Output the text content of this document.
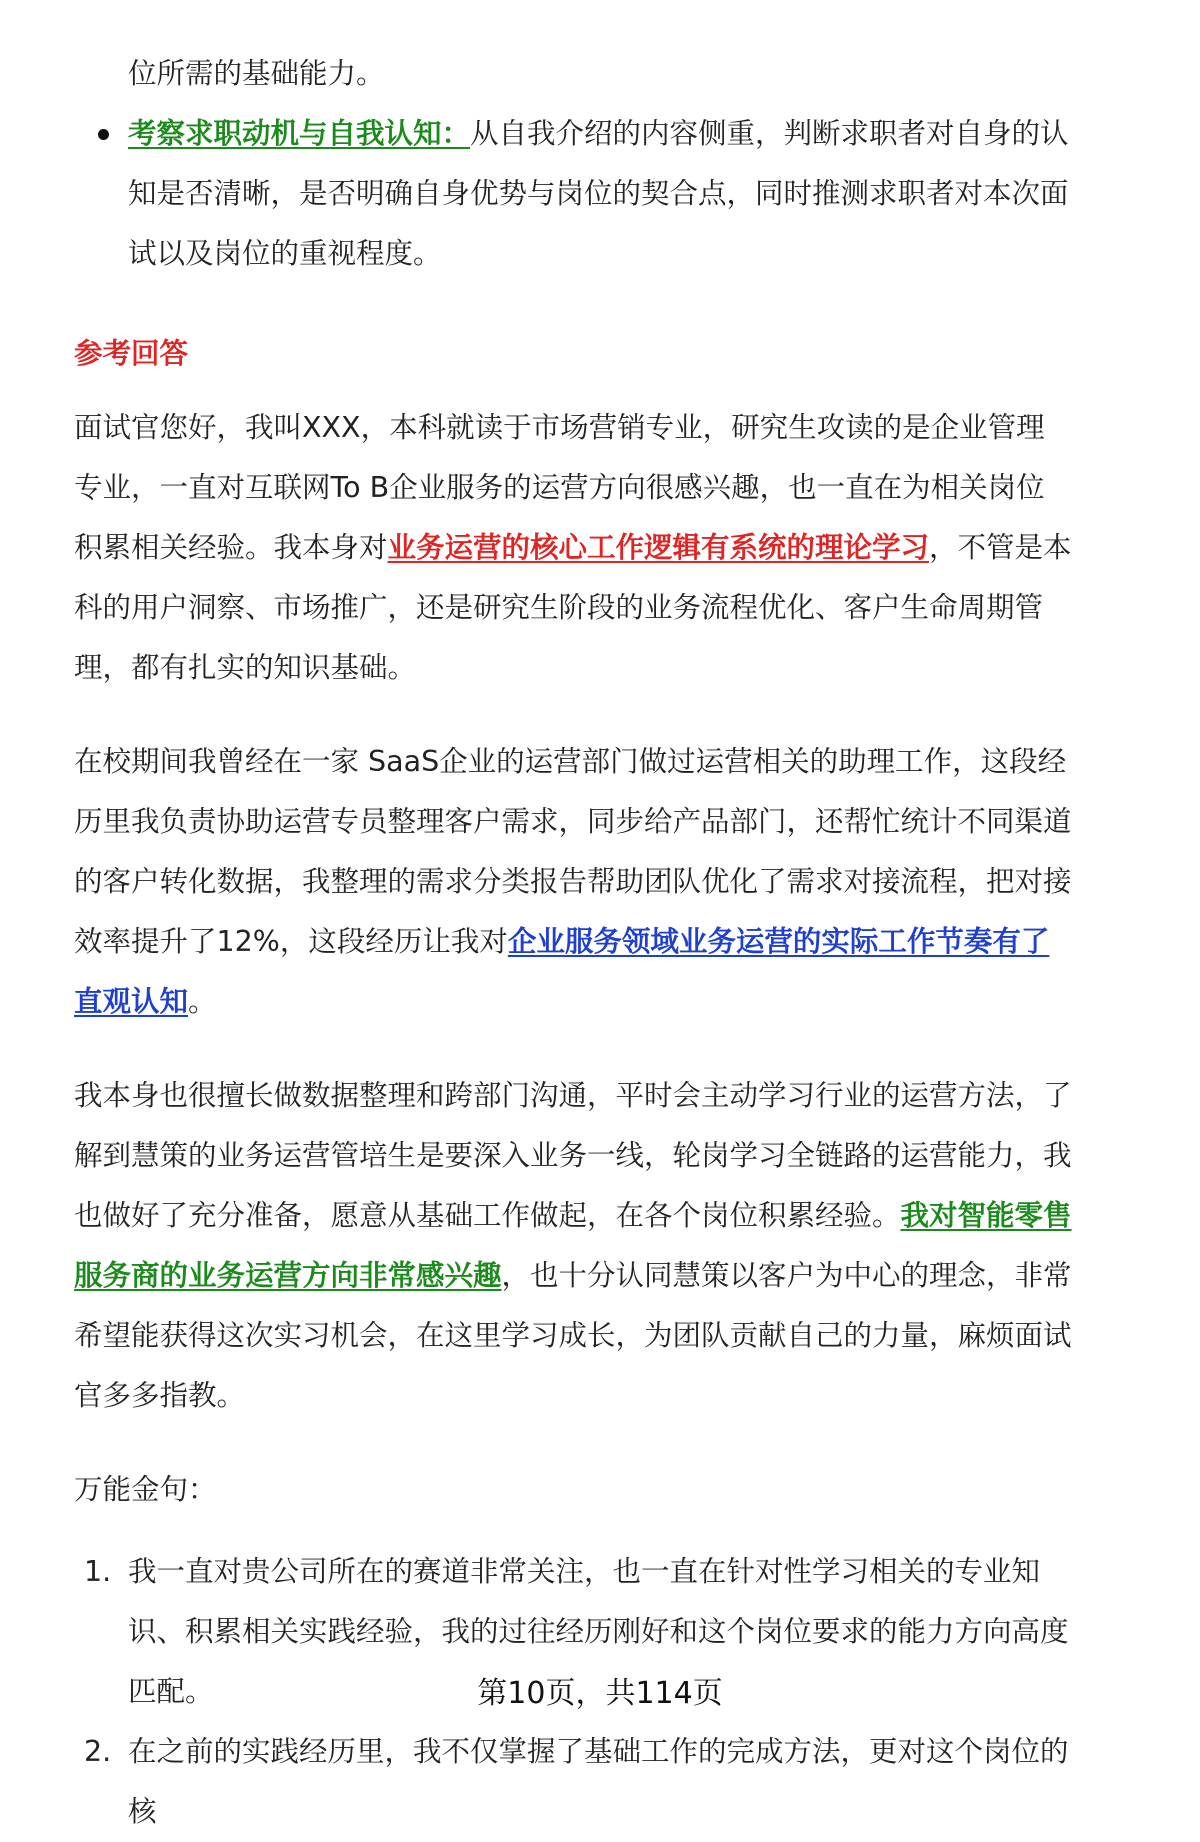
位所需的基础能力。

考察求职动机与自我认知：从自我介绍的内容侧重，判断求职者对自身的认知是否清晰，是否明确自身优势与岗位的契合点，同时推测求职者对本次面试以及岗位的重视程度。
参考回答

面试官您好，我叫XXX，本科就读于市场营销专业，研究生攻读的是企业管理专业，一直对互联网To B企业服务的运营方向很感兴趣，也一直在为相关岗位积累相关经验。我本身对业务运营的核心工作逻辑有系统的理论学习，不管是本科的用户洞察、市场推广，还是研究生阶段的业务流程优化、客户生命周期管理，都有扎实的知识基础。

在校期间我曾经在一家 SaaS企业的运营部门做过运营相关的助理工作，这段经历里我负责协助运营专员整理客户需求，同步给产品部门，还帮忙统计不同渠道的客户转化数据，我整理的需求分类报告帮助团队优化了需求对接流程，把对接效率提升了12%，这段经历让我对企业服务领域业务运营的实际工作节奏有了直观认知。

我本身也很擅长做数据整理和跨部门沟通，平时会主动学习行业的运营方法，了解到慧策的业务运营管培生是要深入业务一线，轮岗学习全链路的运营能力，我也做好了充分准备，愿意从基础工作做起，在各个岗位积累经验。我对智能零售服务商的业务运营方向非常感兴趣，也十分认同慧策以客户为中心的理念，非常希望能获得这次实习机会，在这里学习成长，为团队贡献自己的力量，麻烦面试官多多指教。

万能金句：

1. 我一直对贵公司所在的赛道非常关注，也一直在针对性学习相关的专业知识、积累相关实践经验，我的过往经历刚好和这个岗位要求的能力方向高度匹配。
2. 在之前的实践经历里，我不仅掌握了基础工作的完成方法，更对这个岗位的核
第10页，共114页
